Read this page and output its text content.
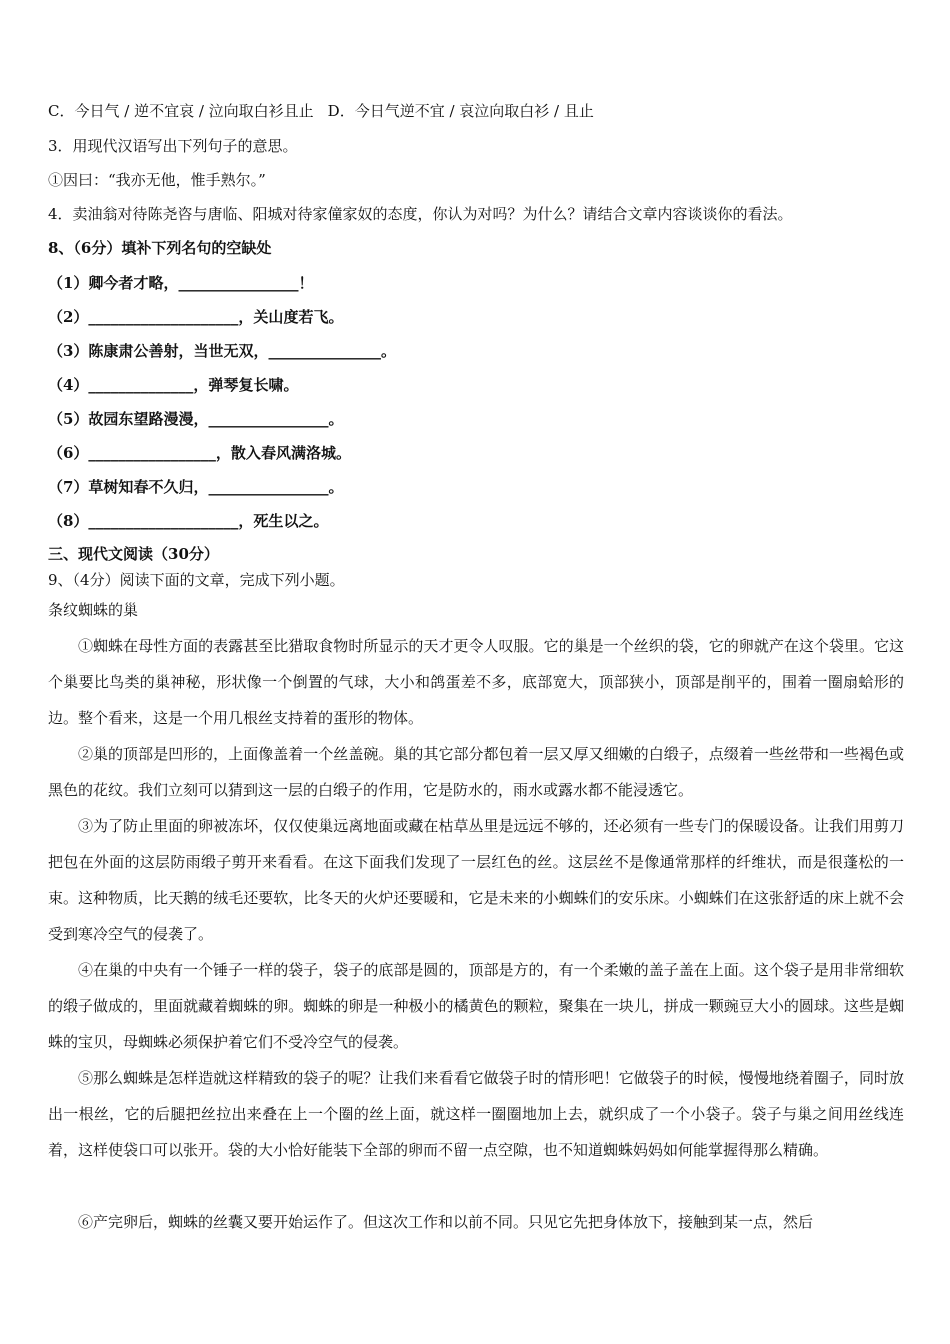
C．今日气 / 逆不宜哀 / 泣向取白衫且止 D．今日气逆不宜 / 哀泣向取白衫 / 且止
3．用现代汉语写出下列句子的意思。
①因曰：“我亦无他，惟手熟尔。”
4．卖油翁对待陈尧咨与唐临、阳城对待家僮家奴的态度，你认为对吗？为什么？请结合文章内容谈谈你的看法。
8、（6分）填补下列名句的空缺处
（1）卿今者才略，________________！
（2）____________________，关山度若飞。
（3）陈康肃公善射，当世无双，_______________。
（4）______________，弹琴复长啸。
（5）故园东望路漫漫，________________。
（6）_________________，散入春风满洛城。
（7）草树知春不久归，________________。
（8）____________________，死生以之。
三、现代文阅读（30分）
9、（4分）阅读下面的文章，完成下列小题。
条纹蜘蛛的巢
①蜘蛛在母性方面的表露甚至比猎取食物时所显示的天才更令人叹服。它的巢是一个丝织的袋，它的卵就产在这个袋里。它这个巢要比鸟类的巢神秘，形状像一个倒置的气球，大小和鸽蛋差不多，底部宽大，顶部狭小，顶部是削平的，围着一圈扇蛤形的边。整个看来，这是一个用几根丝支持着的蛋形的物体。
②巢的顶部是凹形的，上面像盖着一个丝盖碗。巢的其它部分都包着一层又厚又细嫩的白缎子，点缀着一些丝带和一些褐色或黑色的花纹。我们立刻可以猜到这一层的白缎子的作用，它是防水的，雨水或露水都不能浸透它。
③为了防止里面的卵被冻坏，仅仅使巢远离地面或藏在枯草丛里是远远不够的，还必须有一些专门的保暖设备。让我们用剪刀把包在外面的这层防雨缎子剪开来看看。在这下面我们发现了一层红色的丝。这层丝不是像通常那样的纤维状，而是很蓬松的一束。这种物质，比天鹅的绒毛还要软，比冬天的火炉还要暖和，它是未来的小蜘蛛们的安乐床。小蜘蛛们在这张舒适的床上就不会受到寒冷空气的侵袭了。
④在巢的中央有一个锤子一样的袋子，袋子的底部是圆的，顶部是方的，有一个柔嫩的盖子盖在上面。这个袋子是用非常细软的缎子做成的，里面就藏着蜘蛛的卵。蜘蛛的卵是一种极小的橘黄色的颗粒，聚集在一块儿，拼成一颗豌豆大小的圆球。这些是蜘蛛的宝贝，母蜘蛛必须保护着它们不受冷空气的侵袭。
⑤那么蜘蛛是怎样造就这样精致的袋子的呢？让我们来看看它做袋子时的情形吧！它做袋子的时候，慢慢地绕着圈子，同时放出一根丝，它的后腿把丝拉出来叠在上一个圈的丝上面，就这样一圈圈地加上去，就织成了一个小袋子。袋子与巢之间用丝线连着，这样使袋口可以张开。袋的大小恰好能装下全部的卵而不留一点空隙，也不知道蜘蛛妈妈如何能掌握得那么精确。
⑥产完卵后，蜘蛛的丝囊又要开始运作了。但这次工作和以前不同。只见它先把身体放下，接触到某一点，然后
